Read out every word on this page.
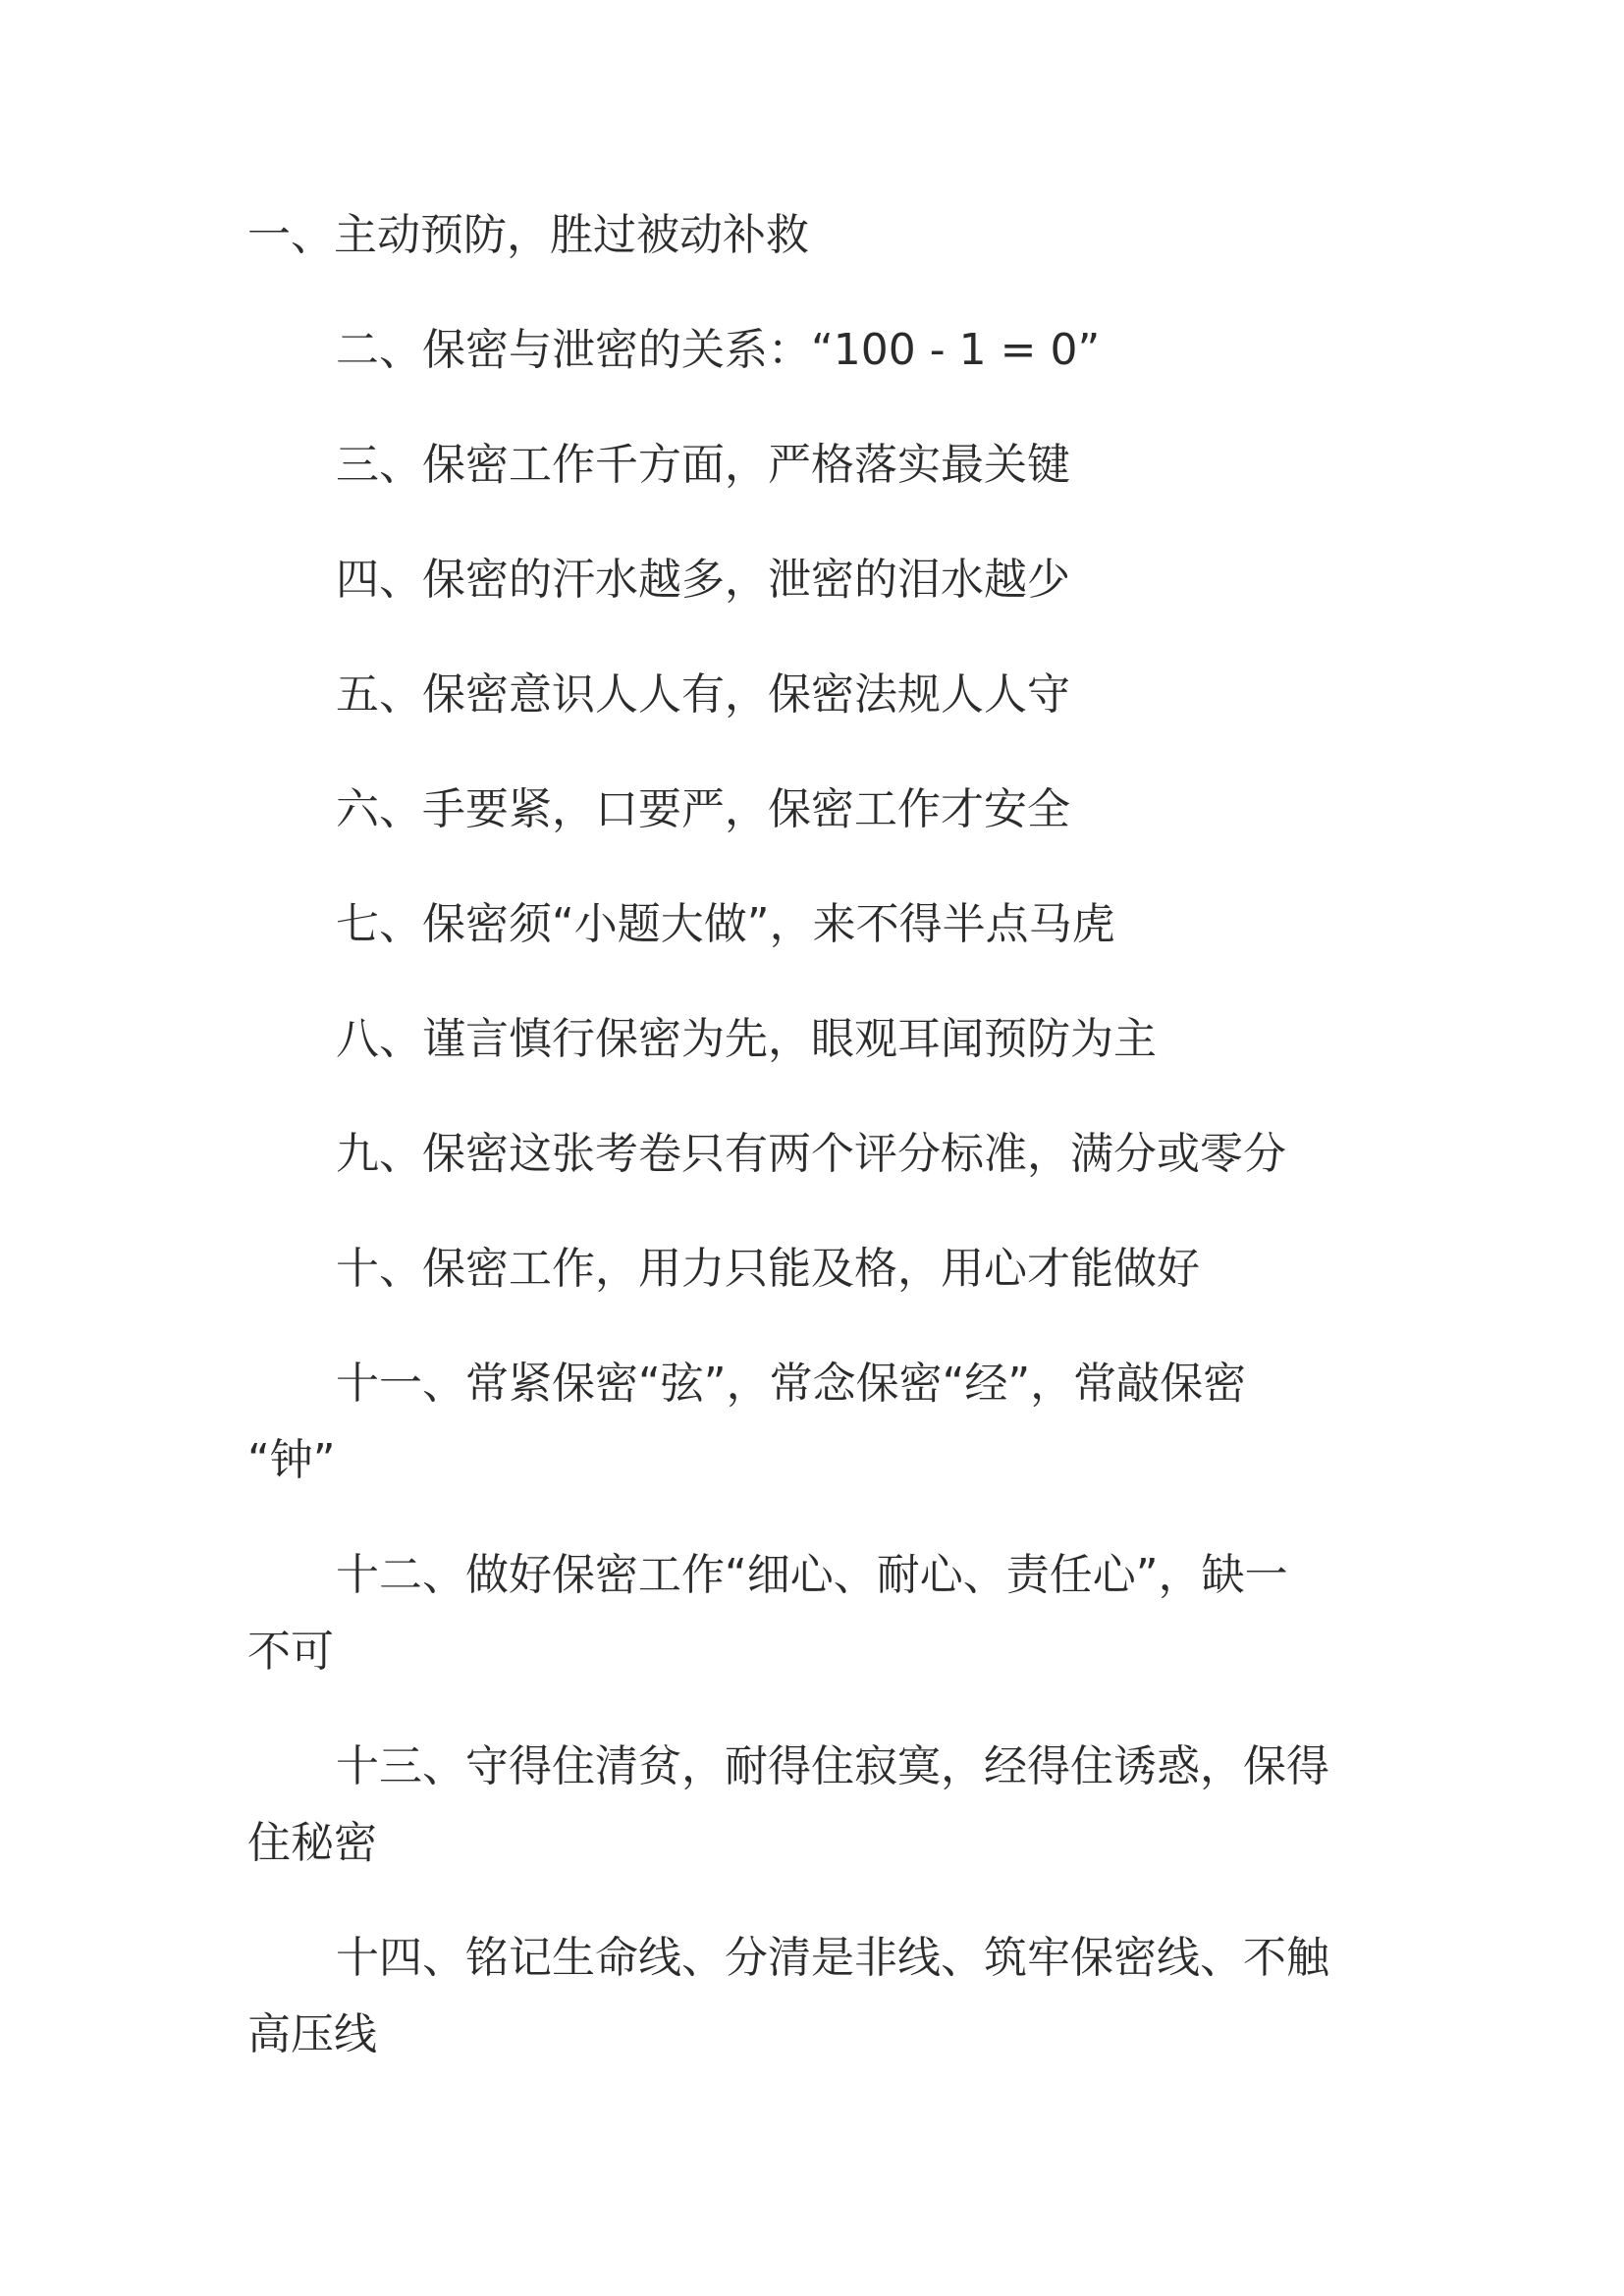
一、主动预防，胜过被动补救

二、保密与泄密的关系：“100 - 1 = 0”

三、保密工作千方面，严格落实最关键

四、保密的汗水越多，泄密的泪水越少

五、保密意识人人有，保密法规人人守

六、手要紧，口要严，保密工作才安全

七、保密须“小题大做”，来不得半点马虎

八、谨言慎行保密为先，眼观耳闻预防为主

九、保密这张考卷只有两个评分标准，满分或零分

十、保密工作，用力只能及格，用心才能做好

十一、常紧保密“弦”，常念保密“经”，常敲保密
“钟”

十二、做好保密工作“细心、耐心、责任心”，缺一
不可

十三、守得住清贫，耐得住寂寞，经得住诱惑，保得
住秘密

十四、铭记生命线、分清是非线、筑牢保密线、不触
高压线
